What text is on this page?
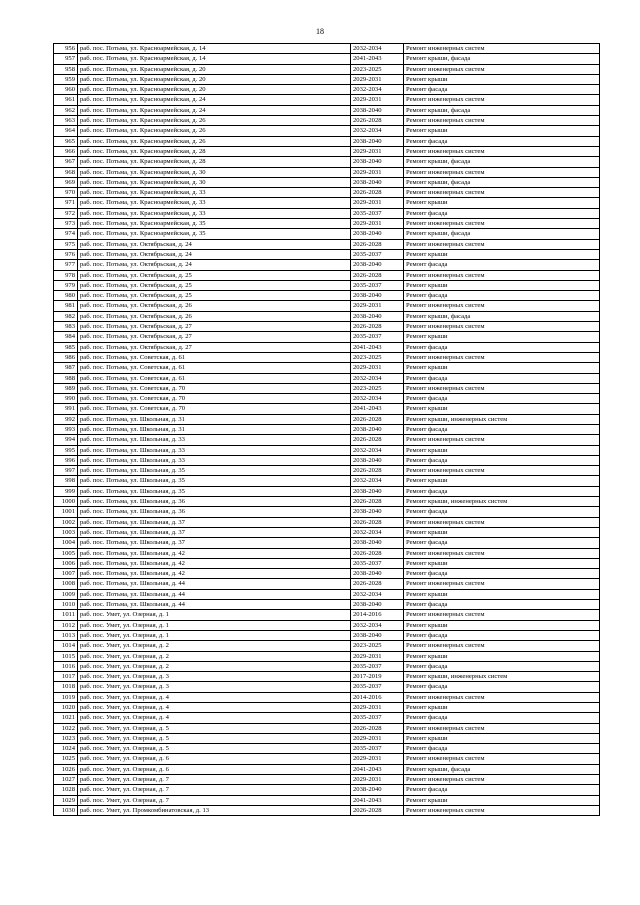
18
956	раб. пос. Потьма, ул. Красноармейская, д. 14	2032-2034	Ремонт инженерных систем
957	раб. пос. Потьма, ул. Красноармейская, д. 14	2041-2043	Ремонт крыши, фасада
958	раб. пос. Потьма, ул. Красноармейская, д. 20	2023-2025	Ремонт инженерных систем
959	раб. пос. Потьма, ул. Красноармейская, д. 20	2029-2031	Ремонт крыши
960	раб. пос. Потьма, ул. Красноармейская, д. 20	2032-2034	Ремонт фасада
961	раб. пос. Потьма, ул. Красноармейская, д. 24	2029-2031	Ремонт инженерных систем
962	раб. пос. Потьма, ул. Красноармейская, д. 24	2038-2040	Ремонт крыши, фасада
963	раб. пос. Потьма, ул. Красноармейская, д. 26	2026-2028	Ремонт инженерных систем
964	раб. пос. Потьма, ул. Красноармейская, д. 26	2032-2034	Ремонт крыши
965	раб. пос. Потьма, ул. Красноармейская, д. 26	2038-2040	Ремонт фасада
966	раб. пос. Потьма, ул. Красноармейская, д. 28	2029-2031	Ремонт инженерных систем
967	раб. пос. Потьма, ул. Красноармейская, д. 28	2038-2040	Ремонт крыши, фасада
968	раб. пос. Потьма, ул. Красноармейская, д. 30	2029-2031	Ремонт инженерных систем
969	раб. пос. Потьма, ул. Красноармейская, д. 30	2038-2040	Ремонт крыши, фасада
970	раб. пос. Потьма, ул. Красноармейская, д. 33	2026-2028	Ремонт инженерных систем
971	раб. пос. Потьма, ул. Красноармейская, д. 33	2029-2031	Ремонт крыши
972	раб. пос. Потьма, ул. Красноармейская, д. 33	2035-2037	Ремонт фасада
973	раб. пос. Потьма, ул. Красноармейская, д. 35	2029-2031	Ремонт инженерных систем
974	раб. пос. Потьма, ул. Красноармейская, д. 35	2038-2040	Ремонт крыши, фасада
975	раб. пос. Потьма, ул. Октябрьская, д. 24	2026-2028	Ремонт инженерных систем
976	раб. пос. Потьма, ул. Октябрьская, д. 24	2035-2037	Ремонт крыши
977	раб. пос. Потьма, ул. Октябрьская, д. 24	2038-2040	Ремонт фасада
978	раб. пос. Потьма, ул. Октябрьская, д. 25	2026-2028	Ремонт инженерных систем
979	раб. пос. Потьма, ул. Октябрьская, д. 25	2035-2037	Ремонт крыши
980	раб. пос. Потьма, ул. Октябрьская, д. 25	2038-2040	Ремонт фасада
981	раб. пос. Потьма, ул. Октябрьская, д. 26	2029-2031	Ремонт инженерных систем
982	раб. пос. Потьма, ул. Октябрьская, д. 26	2038-2040	Ремонт крыши, фасада
983	раб. пос. Потьма, ул. Октябрьская, д. 27	2026-2028	Ремонт инженерных систем
984	раб. пос. Потьма, ул. Октябрьская, д. 27	2035-2037	Ремонт крыши
985	раб. пос. Потьма, ул. Октябрьская, д. 27	2041-2043	Ремонт фасада
986	раб. пос. Потьма, ул. Советская, д. 61	2023-2025	Ремонт инженерных систем
987	раб. пос. Потьма, ул. Советская, д. 61	2029-2031	Ремонт крыши
988	раб. пос. Потьма, ул. Советская, д. 61	2032-2034	Ремонт фасада
989	раб. пос. Потьма, ул. Советская, д. 70	2023-2025	Ремонт инженерных систем
990	раб. пос. Потьма, ул. Советская, д. 70	2032-2034	Ремонт фасада
991	раб. пос. Потьма, ул. Советская, д. 70	2041-2043	Ремонт крыши
992	раб. пос. Потьма, ул. Школьная, д. 31	2026-2028	Ремонт крыши, инженерных систем
993	раб. пос. Потьма, ул. Школьная, д. 31	2038-2040	Ремонт фасада
994	раб. пос. Потьма, ул. Школьная, д. 33	2026-2028	Ремонт инженерных систем
995	раб. пос. Потьма, ул. Школьная, д. 33	2032-2034	Ремонт крыши
996	раб. пос. Потьма, ул. Школьная, д. 33	2038-2040	Ремонт фасада
997	раб. пос. Потьма, ул. Школьная, д. 35	2026-2028	Ремонт инженерных систем
998	раб. пос. Потьма, ул. Школьная, д. 35	2032-2034	Ремонт крыши
999	раб. пос. Потьма, ул. Школьная, д. 35	2038-2040	Ремонт фасада
1000	раб. пос. Потьма, ул. Школьная, д. 36	2026-2028	Ремонт крыши, инженерных систем
1001	раб. пос. Потьма, ул. Школьная, д. 36	2038-2040	Ремонт фасада
1002	раб. пос. Потьма, ул. Школьная, д. 37	2026-2028	Ремонт инженерных систем
1003	раб. пос. Потьма, ул. Школьная, д. 37	2032-2034	Ремонт крыши
1004	раб. пос. Потьма, ул. Школьная, д. 37	2038-2040	Ремонт фасада
1005	раб. пос. Потьма, ул. Школьная, д. 42	2026-2028	Ремонт инженерных систем
1006	раб. пос. Потьма, ул. Школьная, д. 42	2035-2037	Ремонт крыши
1007	раб. пос. Потьма, ул. Школьная, д. 42	2038-2040	Ремонт фасада
1008	раб. пос. Потьма, ул. Школьная, д. 44	2026-2028	Ремонт инженерных систем
1009	раб. пос. Потьма, ул. Школьная, д. 44	2032-2034	Ремонт крыши
1010	раб. пос. Потьма, ул. Школьная, д. 44	2038-2040	Ремонт фасада
1011	раб. пос. Умет, ул. Озерная, д. 1	2014-2016	Ремонт инженерных систем
1012	раб. пос. Умет, ул. Озерная, д. 1	2032-2034	Ремонт крыши
1013	раб. пос. Умет, ул. Озерная, д. 1	2038-2040	Ремонт фасада
1014	раб. пос. Умет, ул. Озерная, д. 2	2023-2025	Ремонт инженерных систем
1015	раб. пос. Умет, ул. Озерная, д. 2	2029-2031	Ремонт крыши
1016	раб. пос. Умет, ул. Озерная, д. 2	2035-2037	Ремонт фасада
1017	раб. пос. Умет, ул. Озерная, д. 3	2017-2019	Ремонт крыши, инженерных систем
1018	раб. пос. Умет, ул. Озерная, д. 3	2035-2037	Ремонт фасада
1019	раб. пос. Умет, ул. Озерная, д. 4	2014-2016	Ремонт инженерных систем
1020	раб. пос. Умет, ул. Озерная, д. 4	2029-2031	Ремонт крыши
1021	раб. пос. Умет, ул. Озерная, д. 4	2035-2037	Ремонт фасада
1022	раб. пос. Умет, ул. Озерная, д. 5	2026-2028	Ремонт инженерных систем
1023	раб. пос. Умет, ул. Озерная, д. 5	2029-2031	Ремонт крыши
1024	раб. пос. Умет, ул. Озерная, д. 5	2035-2037	Ремонт фасада
1025	раб. пос. Умет, ул. Озерная, д. 6	2029-2031	Ремонт инженерных систем
1026	раб. пос. Умет, ул. Озерная, д. 6	2041-2043	Ремонт крыши, фасада
1027	раб. пос. Умет, ул. Озерная, д. 7	2029-2031	Ремонт инженерных систем
1028	раб. пос. Умет, ул. Озерная, д. 7	2038-2040	Ремонт фасада
1029	раб. пос. Умет, ул. Озерная, д. 7	2041-2043	Ремонт крыши
1030	раб. пос. Умет, ул. Промкомбинатовская, д. 13	2026-2028	Ремонт инженерных систем
